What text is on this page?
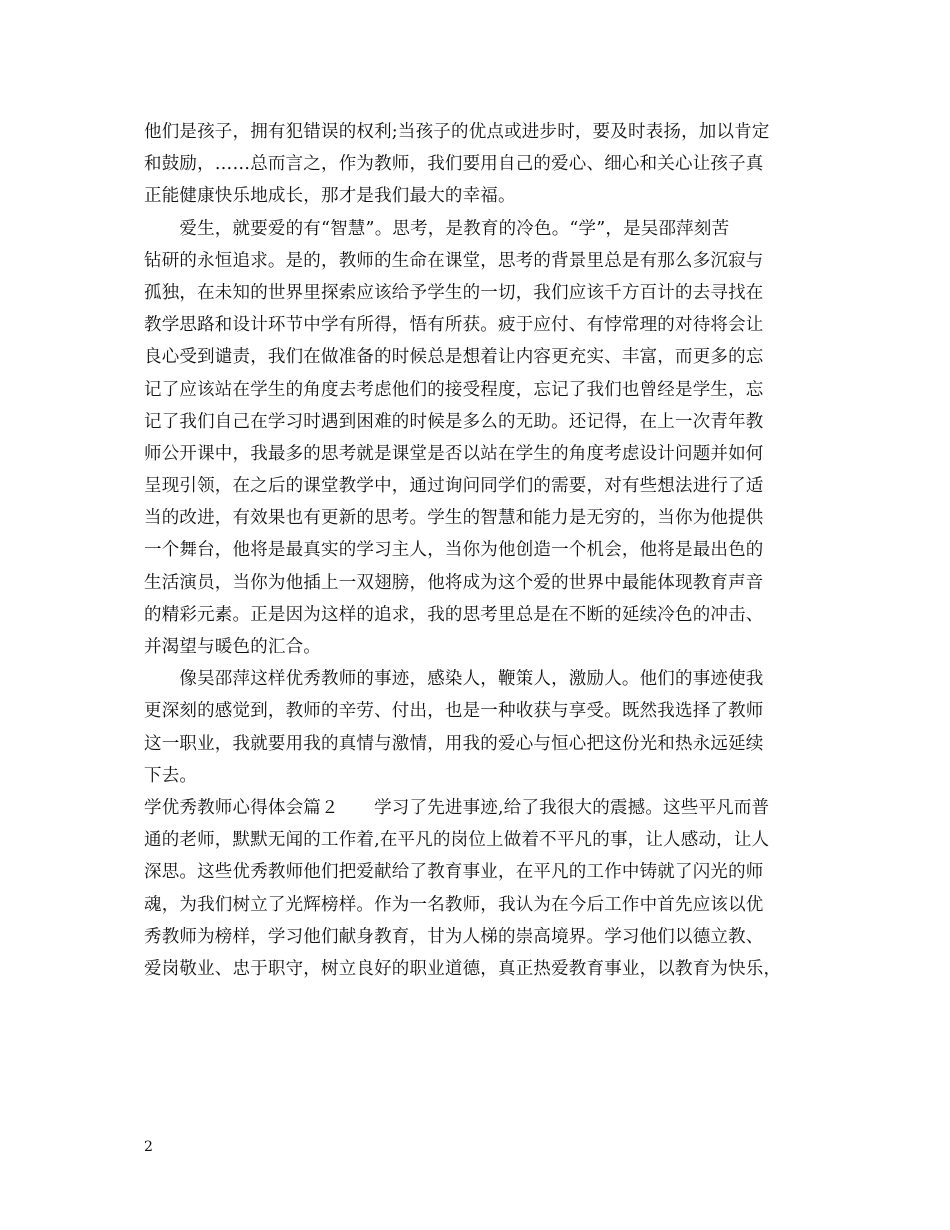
他们是孩子，拥有犯错误的权利;当孩子的优点或进步时，要及时表扬，加以肯定
和鼓励，……总而言之，作为教师，我们要用自己的爱心、细心和关心让孩子真
正能健康快乐地成长，那才是我们最大的幸福。
　　爱生，就要爱的有“智慧”。思考，是教育的冷色。“学”，是吴邵萍刻苦
钻研的永恒追求。是的，教师的生命在课堂，思考的背景里总是有那么多沉寂与
孤独，在未知的世界里探索应该给予学生的一切，我们应该千方百计的去寻找在
教学思路和设计环节中学有所得，悟有所获。疲于应付、有悖常理的对待将会让
良心受到谴责，我们在做准备的时候总是想着让内容更充实、丰富，而更多的忘
记了应该站在学生的角度去考虑他们的接受程度，忘记了我们也曾经是学生，忘
记了我们自己在学习时遇到困难的时候是多么的无助。还记得，在上一次青年教
师公开课中，我最多的思考就是课堂是否以站在学生的角度考虑设计问题并如何
呈现引领，在之后的课堂教学中，通过询问同学们的需要，对有些想法进行了适
当的改进，有效果也有更新的思考。学生的智慧和能力是无穷的，当你为他提供
一个舞台，他将是最真实的学习主人，当你为他创造一个机会，他将是最出色的
生活演员，当你为他插上一双翅膀，他将成为这个爱的世界中最能体现教育声音
的精彩元素。正是因为这样的追求，我的思考里总是在不断的延续冷色的冲击、
并渴望与暖色的汇合。
　　像吴邵萍这样优秀教师的事迹，感染人，鞭策人，激励人。他们的事迹使我
更深刻的感觉到，教师的辛劳、付出，也是一种收获与享受。既然我选择了教师
这一职业，我就要用我的真情与激情，用我的爱心与恒心把这份光和热永远延续
下去。
学优秀教师心得体会篇２　　学习了先进事迹,给了我很大的震撼。这些平凡而普
通的老师，默默无闻的工作着,在平凡的岗位上做着不平凡的事，让人感动，让人
深思。这些优秀教师他们把爱献给了教育事业，在平凡的工作中铸就了闪光的师
魂，为我们树立了光辉榜样。作为一名教师，我认为在今后工作中首先应该以优
秀教师为榜样，学习他们献身教育，甘为人梯的崇高境界。学习他们以德立教、
爱岗敬业、忠于职守，树立良好的职业道德，真正热爱教育事业，以教育为快乐，
2
